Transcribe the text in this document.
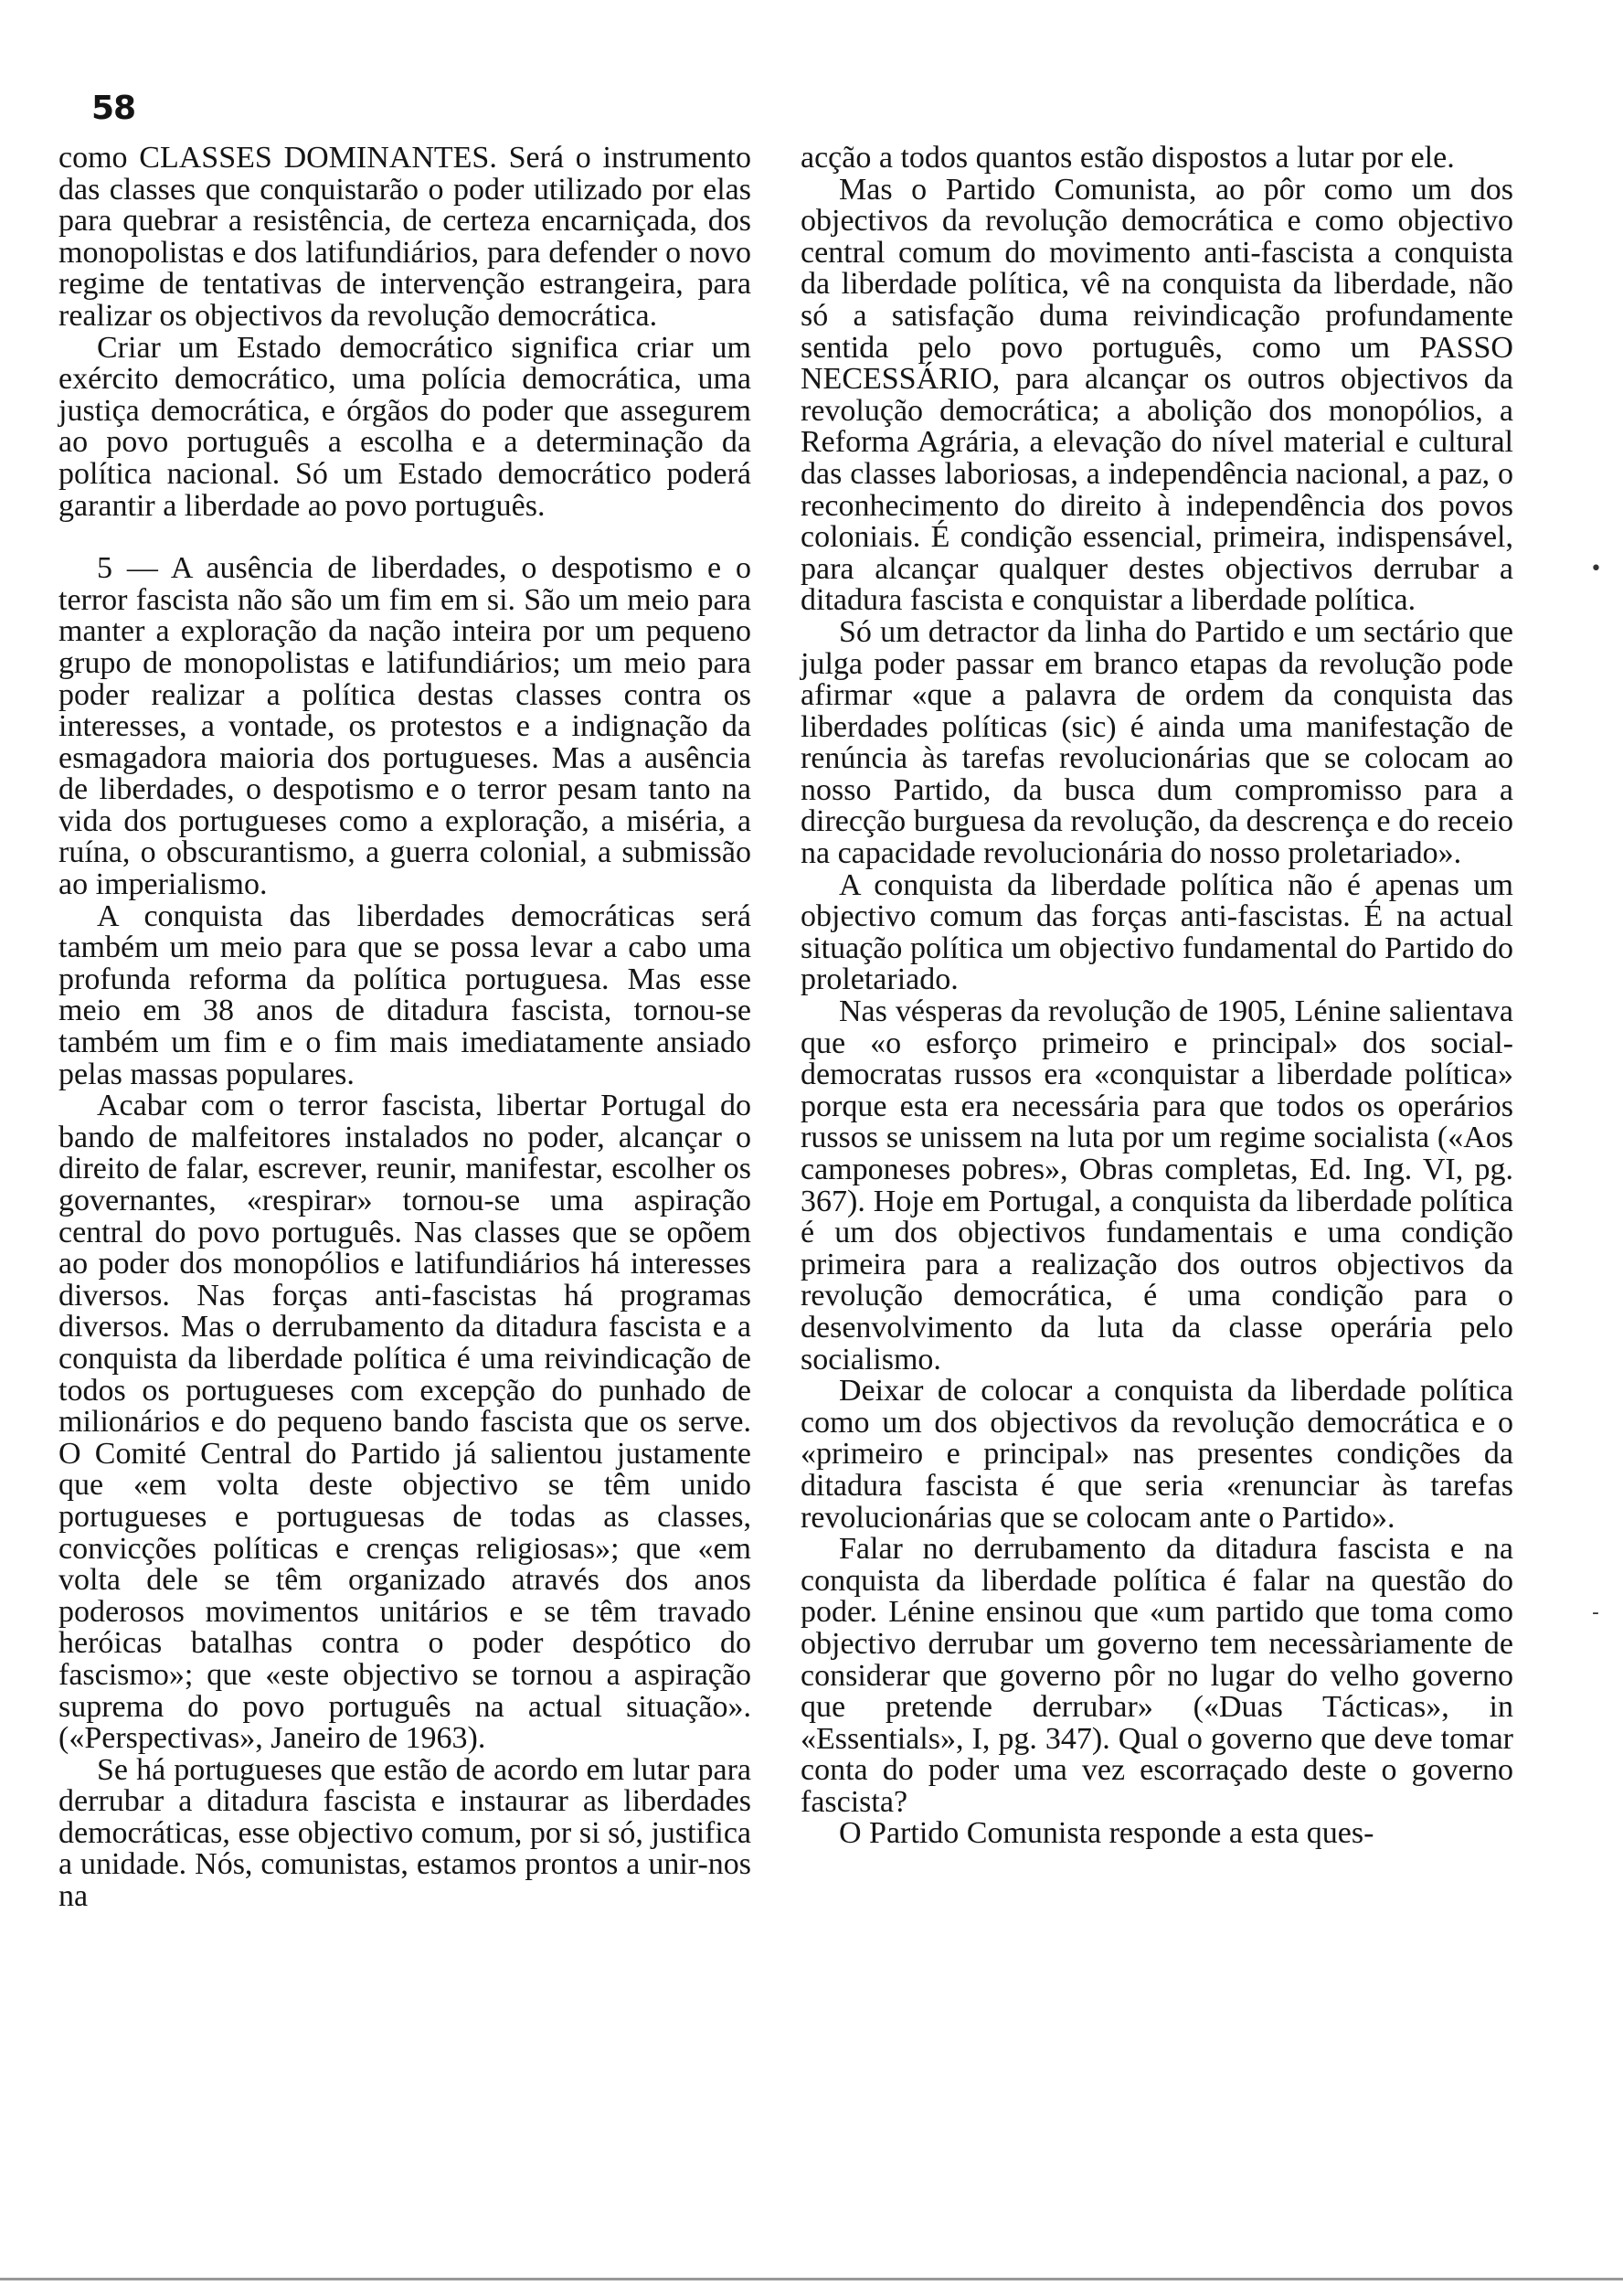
58

como CLASSES DOMINANTES. Será o instrumento das classes que conquistarão o poder utilizado por elas para quebrar a resistência, de certeza encarniçada, dos monopolistas e dos latifundiários, para defender o novo regime de tentativas de intervenção estrangeira, para realizar os objectivos da revolução democrática.

Criar um Estado democrático significa criar um exército democrático, uma polícia democrática, uma justiça democrática, e órgãos do poder que assegurem ao povo português a escolha e a determinação da política nacional. Só um Estado democrático poderá garantir a liberdade ao povo português.

5 — A ausência de liberdades, o despotismo e o terror fascista não são um fim em si. São um meio para manter a exploração da nação inteira por um pequeno grupo de monopolistas e latifundiários; um meio para poder realizar a política destas classes contra os interesses, a vontade, os protestos e a indignação da esmagadora maioria dos portugueses. Mas a ausência de liberdades, o despotismo e o terror pesam tanto na vida dos portugueses como a exploração, a miséria, a ruína, o obscurantismo, a guerra colonial, a submissão ao imperialismo.

A conquista das liberdades democráticas será também um meio para que se possa levar a cabo uma profunda reforma da política portuguesa. Mas esse meio em 38 anos de ditadura fascista, tornou-se também um fim e o fim mais imediatamente ansiado pelas massas populares.

Acabar com o terror fascista, libertar Portugal do bando de malfeitores instalados no poder, alcançar o direito de falar, escrever, reunir, manifestar, escolher os governantes, «respirar» tornou-se uma aspiração central do povo português. Nas classes que se opõem ao poder dos monopólios e latifundiários há interesses diversos. Nas forças anti-fascistas há programas diversos. Mas o derrubamento da ditadura fascista e a conquista da liberdade política é uma reivindicação de todos os portugueses com excepção do punhado de milionários e do pequeno bando fascista que os serve. O Comité Central do Partido já salientou justamente que «em volta deste objectivo se têm unido portugueses e portuguesas de todas as classes, convicções políticas e crenças religiosas»; que «em volta dele se têm organizado através dos anos poderosos movimentos unitários e se têm travado heróicas batalhas contra o poder despótico do fascismo»; que «este objectivo se tornou a aspiração suprema do povo português na actual situação». («Perspectivas», Janeiro de 1963).

Se há portugueses que estão de acordo em lutar para derrubar a ditadura fascista e instaurar as liberdades democráticas, esse objectivo comum, por si só, justifica a unidade. Nós, comunistas, estamos prontos a unir-nos na

acção a todos quantos estão dispostos a lutar por ele.

Mas o Partido Comunista, ao pôr como um dos objectivos da revolução democrática e como objectivo central comum do movimento anti-fascista a conquista da liberdade política, vê na conquista da liberdade, não só a satisfação duma reivindicação profundamente sentida pelo povo português, como um PASSO NECESSÁRIO, para alcançar os outros objectivos da revolução democrática; a abolição dos monopólios, a Reforma Agrária, a elevação do nível material e cultural das classes laboriosas, a independência nacional, a paz, o reconhecimento do direito à independência dos povos coloniais. É condição essencial, primeira, indispensável, para alcançar qualquer destes objectivos derrubar a ditadura fascista e conquistar a liberdade política.

Só um detractor da linha do Partido e um sectário que julga poder passar em branco etapas da revolução pode afirmar «que a palavra de ordem da conquista das liberdades políticas (sic) é ainda uma manifestação de renúncia às tarefas revolucionárias que se colocam ao nosso Partido, da busca dum compromisso para a direcção burguesa da revolução, da descrença e do receio na capacidade revolucionária do nosso proletariado».

A conquista da liberdade política não é apenas um objectivo comum das forças anti-fascistas. É na actual situação política um objectivo fundamental do Partido do proletariado.

Nas vésperas da revolução de 1905, Lénine salientava que «o esforço primeiro e principal» dos social-democratas russos era «conquistar a liberdade política» porque esta era necessária para que todos os operários russos se unissem na luta por um regime socialista («Aos camponeses pobres», Obras completas, Ed. Ing. VI, pg. 367). Hoje em Portugal, a conquista da liberdade política é um dos objectivos fundamentais e uma condição primeira para a realização dos outros objectivos da revolução democrática, é uma condição para o desenvolvimento da luta da classe operária pelo socialismo.

Deixar de colocar a conquista da liberdade política como um dos objectivos da revolução democrática e o «primeiro e principal» nas presentes condições da ditadura fascista é que seria «renunciar às tarefas revolucionárias que se colocam ante o Partido».

Falar no derrubamento da ditadura fascista e na conquista da liberdade política é falar na questão do poder. Lénine ensinou que «um partido que toma como objectivo derrubar um governo tem necessàriamente de considerar que governo pôr no lugar do velho governo que pretende derrubar» («Duas Tácticas», in «Essentials», I, pg. 347). Qual o governo que deve tomar conta do poder uma vez escorraçado deste o governo fascista?

O Partido Comunista responde a esta ques-

•
-
